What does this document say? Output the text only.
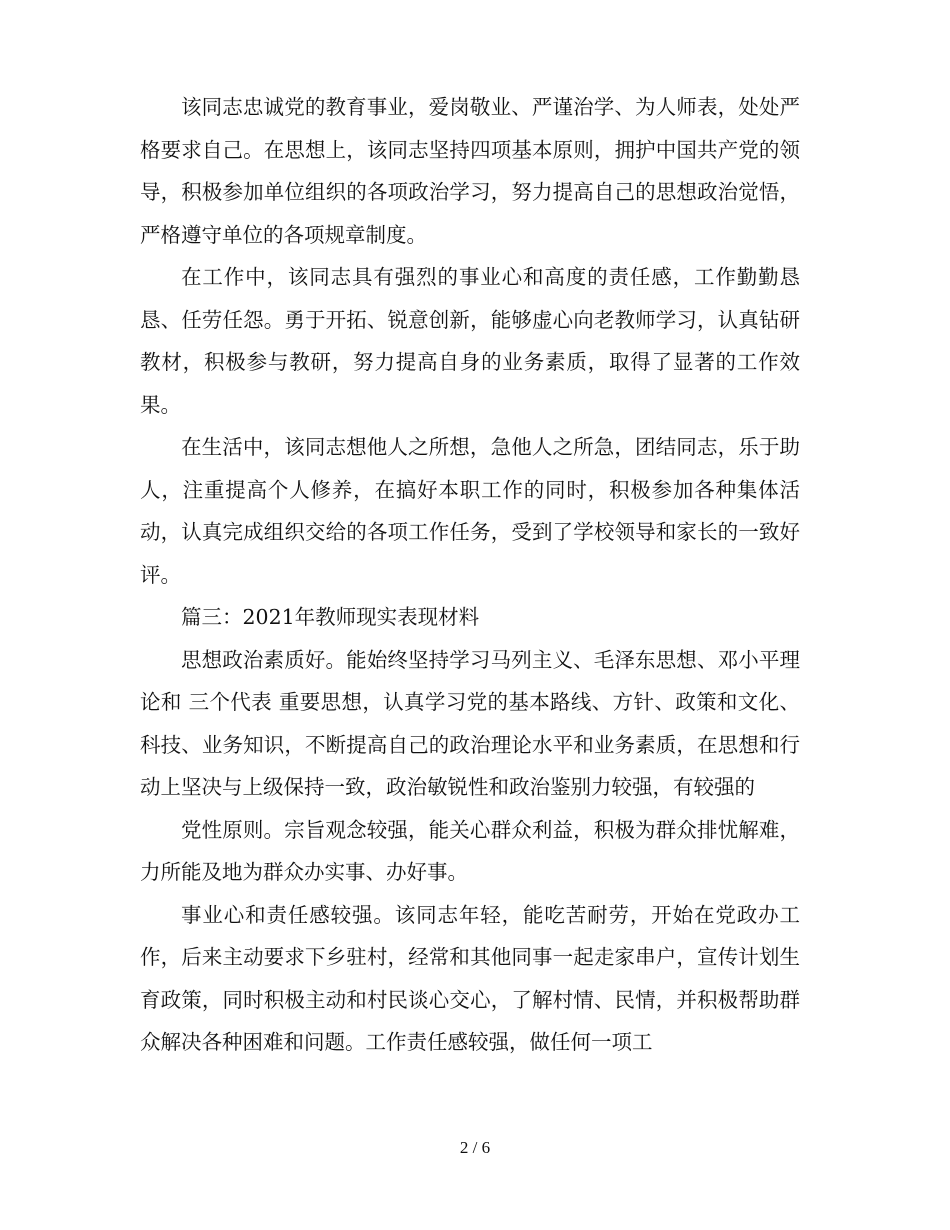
该同志忠诚党的教育事业，爱岗敬业、严谨治学、为人师表，处处严格要求自己。在思想上，该同志坚持四项基本原则，拥护中国共产党的领导，积极参加单位组织的各项政治学习，努力提高自己的思想政治觉悟，严格遵守单位的各项规章制度。

在工作中，该同志具有强烈的事业心和高度的责任感，工作勤勤恳恳、任劳任怨。勇于开拓、锐意创新，能够虚心向老教师学习，认真钻研教材，积极参与教研，努力提高自身的业务素质，取得了显著的工作效果。

在生活中，该同志想他人之所想，急他人之所急，团结同志，乐于助人，注重提高个人修养，在搞好本职工作的同时，积极参加各种集体活动，认真完成组织交给的各项工作任务，受到了学校领导和家长的一致好评。

篇三：2021年教师现实表现材料

思想政治素质好。能始终坚持学习马列主义、毛泽东思想、邓小平理论和 三个代表 重要思想，认真学习党的基本路线、方针、政策和文化、科技、业务知识，不断提高自己的政治理论水平和业务素质，在思想和行动上坚决与上级保持一致，政治敏锐性和政治鉴别力较强，有较强的

党性原则。宗旨观念较强，能关心群众利益，积极为群众排忧解难，力所能及地为群众办实事、办好事。

事业心和责任感较强。该同志年轻，能吃苦耐劳，开始在党政办工作，后来主动要求下乡驻村，经常和其他同事一起走家串户，宣传计划生育政策，同时积极主动和村民谈心交心，了解村情、民情，并积极帮助群众解决各种困难和问题。工作责任感较强，做任何一项工

2 / 6
